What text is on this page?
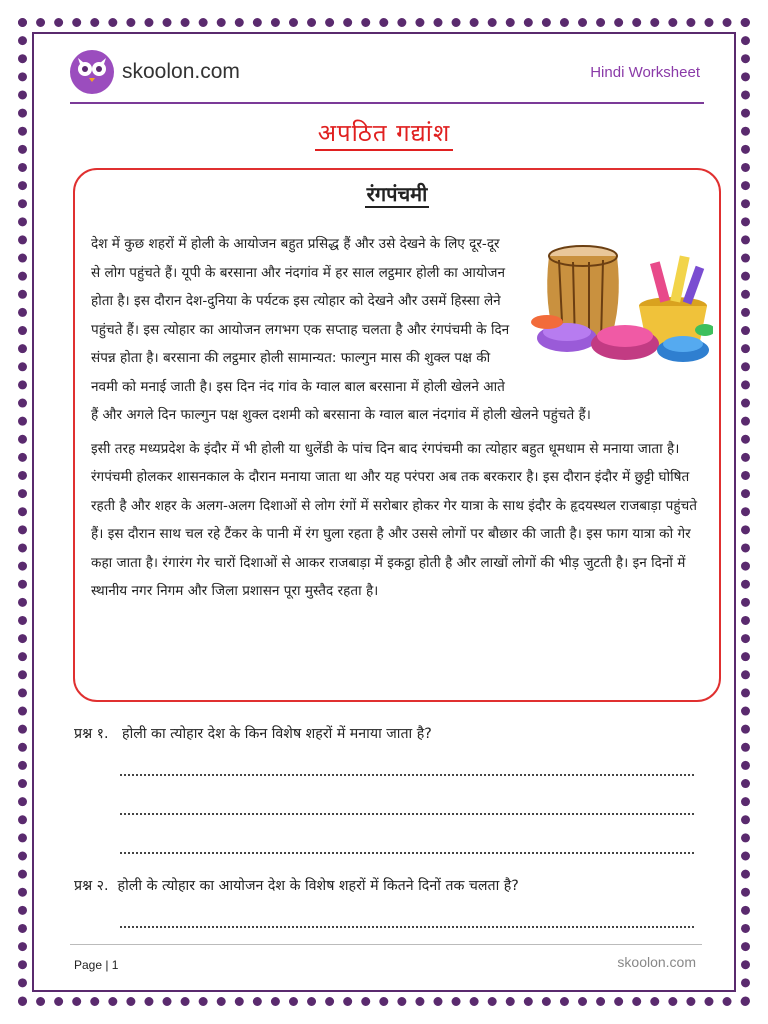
skoolon.com	Hindi Worksheet
अपठित गद्यांश
रंगपंचमी

देश में कुछ शहरों में होली के आयोजन बहुत प्रसिद्ध हैं और उसे देखने के लिए दूर-दूर से लोग पहुंचते हैं। यूपी के बरसाना और नंदगांव में हर साल लट्ठमार होली का आयोजन होता है। इस दौरान देश-दुनिया के पर्यटक इस त्योहार को देखने और उसमें हिस्सा लेने पहुंचते हैं। इस त्योहार का आयोजन लगभग एक सप्ताह चलता है और रंगपंचमी के दिन संपन्न होता है। बरसाना की लट्ठमार होली सामान्यत: फाल्गुन मास की शुक्ल पक्ष की नवमी को मनाई जाती है। इस दिन नंद गांव के ग्वाल बाल बरसाना में होली खेलने आते हैं और अगले दिन फाल्गुन पक्ष शुक्ल दशमी को बरसाना के ग्वाल बाल नंदगांव में होली खेलने पहुंचते हैं।

इसी तरह मध्यप्रदेश के इंदौर में भी होली या धुलेंडी के पांच दिन बाद रंगपंचमी का त्योहार बहुत धूमधाम से मनाया जाता है। रंगपंचमी होलकर शासनकाल के दौरान मनाया जाता था और यह परंपरा अब तक बरकरार है। इस दौरान इंदौर में छुट्टी घोषित रहती है और शहर के अलग-अलग दिशाओं से लोग रंगों में सरोबार होकर गेर यात्रा के साथ इंदौर के हृदयस्थल राजबाड़ा पहुंचते हैं। इस दौरान साथ चल रहे टैंकर के पानी में रंग घुला रहता है और उससे लोगों पर बौछार की जाती है। इस फाग यात्रा को गेर कहा जाता है। रंगारंग गेर चारों दिशाओं से आकर राजबाड़ा में इकट्ठा होती है और लाखों लोगों की भीड़ जुटती है। इन दिनों में स्थानीय नगर निगम और जिला प्रशासन पूरा मुस्तैद रहता है।

प्रश्न १. होली का त्योहार देश के किन विशेष शहरों में मनाया जाता है?
प्रश्न २. होली के त्योहार का आयोजन देश के विशेष शहरों में कितने दिनों तक चलता है?
Page | 1	skoolon.com
